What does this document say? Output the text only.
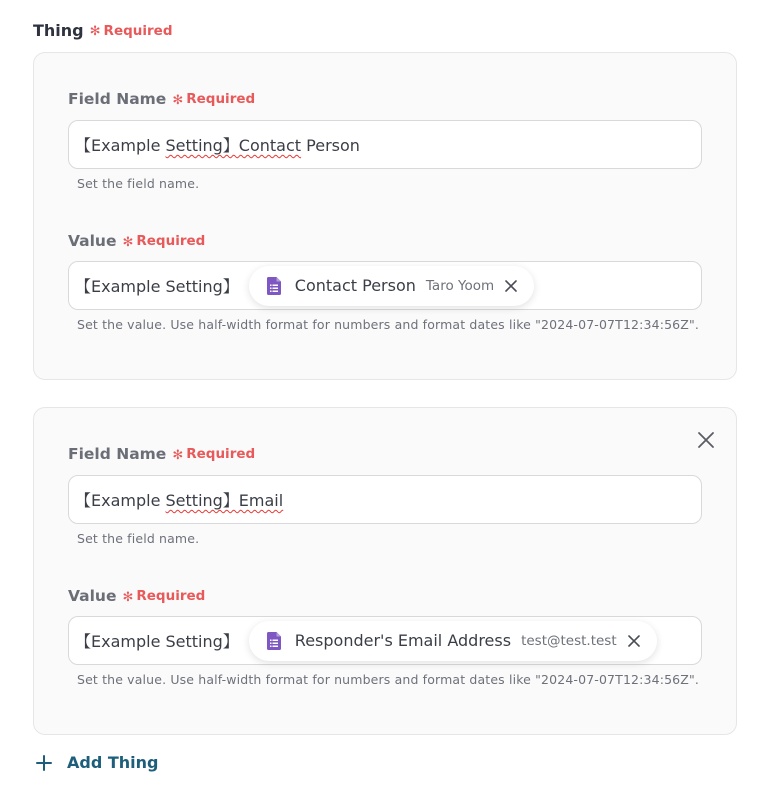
Thing ✻ Required
Field Name ✻ Required
【Example Setting】Contact Person
Set the field name.
Value ✻ Required
【Example Setting】	Contact Person Taro Yoom
Set the value. Use half-width format for numbers and format dates like "2024-07-07T12:34:56Z".
Field Name ✻ Required
【Example Setting】Email
Set the field name.
Value ✻ Required
【Example Setting】	Responder's Email Address test@test.test
Set the value. Use half-width format for numbers and format dates like "2024-07-07T12:34:56Z".
Add Thing
